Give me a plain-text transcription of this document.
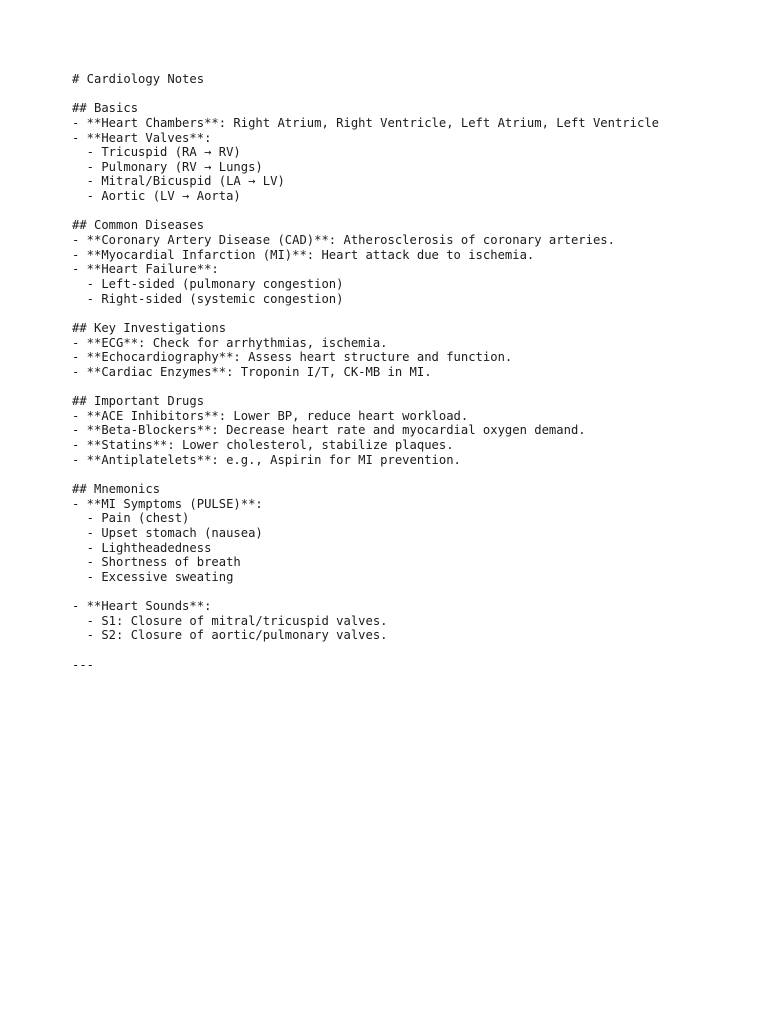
# Cardiology Notes
## Basics
- **Heart Chambers**: Right Atrium, Right Ventricle, Left Atrium, Left Ventricle
- **Heart Valves**:
- Tricuspid (RA → RV)
- Pulmonary (RV → Lungs)
- Mitral/Bicuspid (LA → LV)
- Aortic (LV → Aorta)
## Common Diseases
- **Coronary Artery Disease (CAD)**: Atherosclerosis of coronary arteries.
- **Myocardial Infarction (MI)**: Heart attack due to ischemia.
- **Heart Failure**:
- Left-sided (pulmonary congestion)
- Right-sided (systemic congestion)
## Key Investigations
- **ECG**: Check for arrhythmias, ischemia.
- **Echocardiography**: Assess heart structure and function.
- **Cardiac Enzymes**: Troponin I/T, CK-MB in MI.
## Important Drugs
- **ACE Inhibitors**: Lower BP, reduce heart workload.
- **Beta-Blockers**: Decrease heart rate and myocardial oxygen demand.
- **Statins**: Lower cholesterol, stabilize plaques.
- **Antiplatelets**: e.g., Aspirin for MI prevention.
## Mnemonics
- **MI Symptoms (PULSE)**:
- Pain (chest)
- Upset stomach (nausea)
- Lightheadedness
- Shortness of breath
- Excessive sweating
- **Heart Sounds**:
- S1: Closure of mitral/tricuspid valves.
- S2: Closure of aortic/pulmonary valves.
---
